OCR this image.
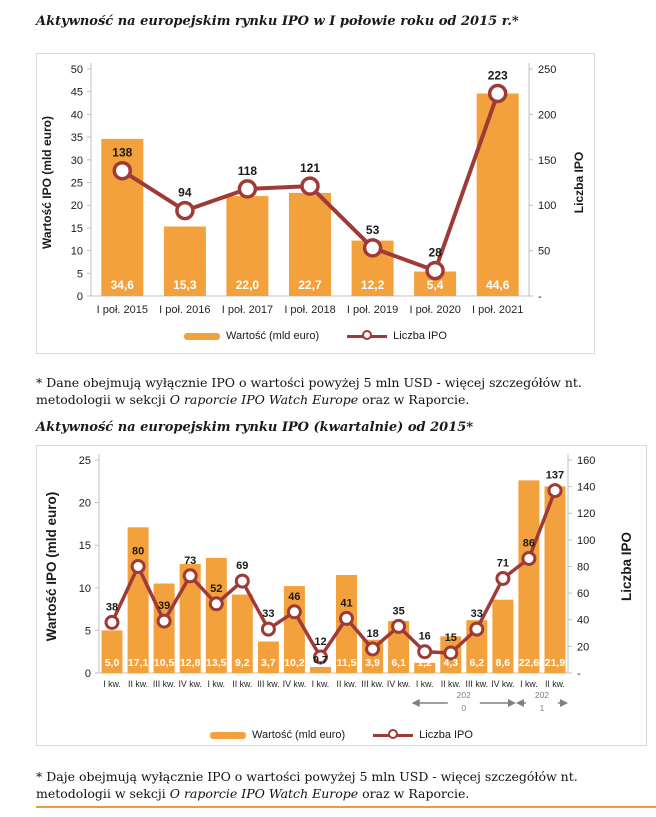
Aktywność na europejskim rynku IPO w I połowie roku od 2015 r.*
0
5
10
15
20
25
30
35
40
45
50
-
50
100
150
200
250
Wartość IPO (mld euro)	Liczba IPO
34,6	15,3	22,0	22,7	12,2	5,4	44,6
138
94
118	121
53
28
223
I poł. 2015 I poł. 2016 I poł. 2017 I poł. 2018 I poł. 2019 I poł. 2020 I poł. 2021
Wartość (mld euro)	Liczba IPO

* Dane obejmują wyłącznie IPO o wartości powyżej 5 mln USD - więcej szczegółów nt. metodologii w sekcji O raporcie IPO Watch Europe oraz w Raporcie.

Aktywność na europejskim rynku IPO (kwartalnie) od 2015*
0
5
10
15
20
25
-
20
40
60
80
100
120
140
160
Wartość IPO (mld euro)	Liczba IPO
5,0 17,1 10,5 12,8 13,5 9,2 3,7 10,2 0,7 11,5 3,9 6,1 1,2 4,3 6,2 8,6 22,6 21,9
38
80
39
73
52
69
33
46
12
41
18
35
16 15
33
71
86
137
I kw. II kw. III kw. IV kw. I kw. II kw. III kw. IV kw. I kw. II kw. III kw. IV kw. I kw. II kw. III kw. IV kw. I kw. II kw.
202
0
202
1
Wartość (mld euro)	Liczba IPO

* Daje obejmują wyłącznie IPO o wartości powyżej 5 mln USD - więcej szczegółów nt. metodologii w sekcji O raporcie IPO Watch Europe oraz w Raporcie.
